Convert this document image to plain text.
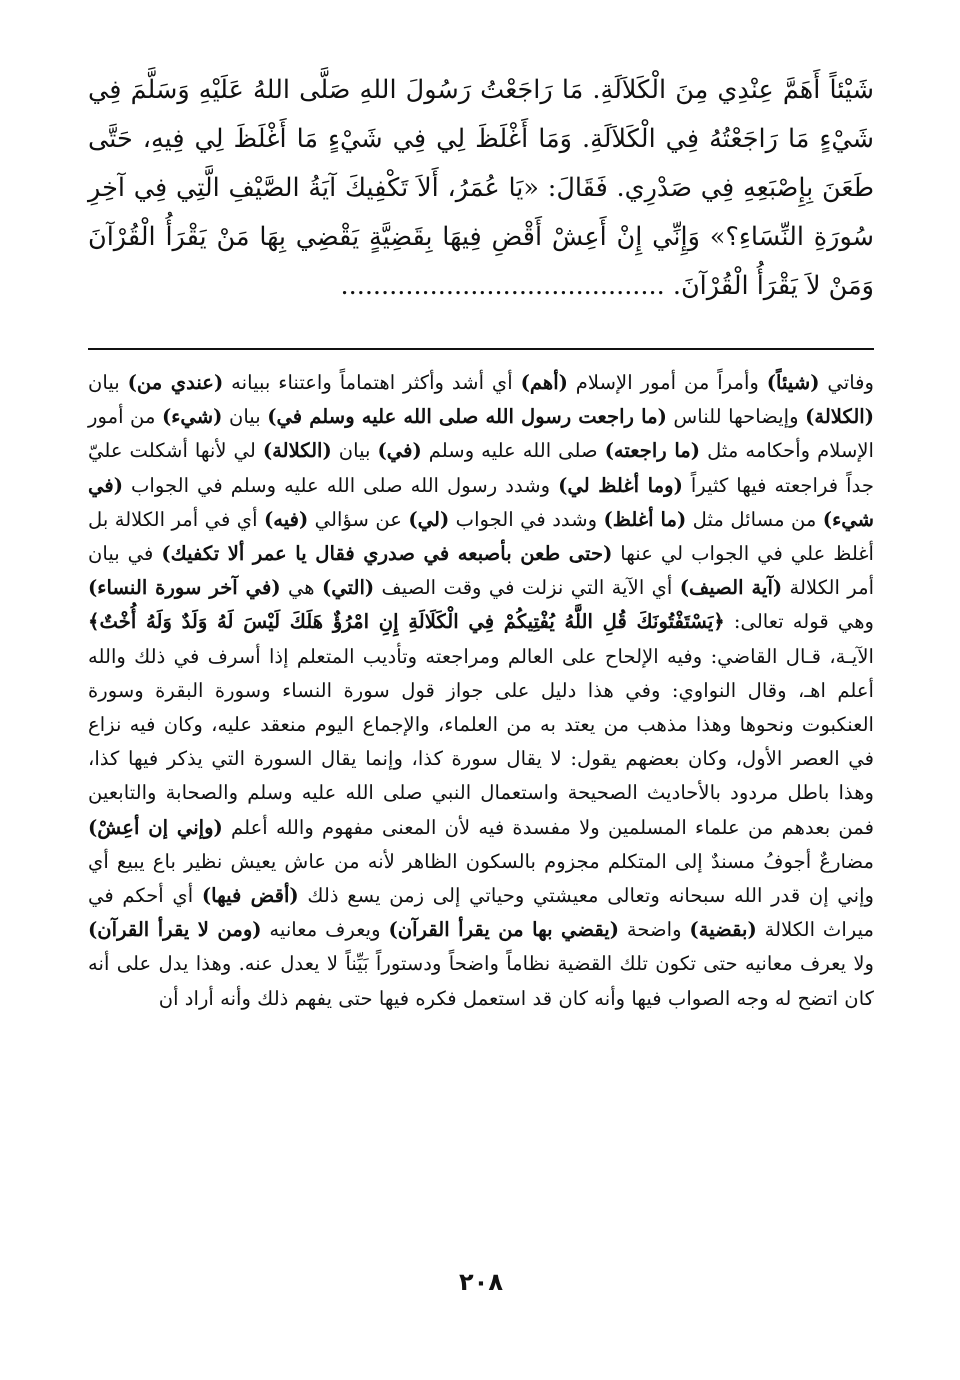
شَيْئاً أَهَمَّ عِنْدِي مِنَ الْكَلاَلَةِ. مَا رَاجَعْتُ رَسُولَ اللهِ صَلَّى اللهُ عَلَيْهِ وَسَلَّمَ فِي شَيْءٍ مَا رَاجَعْتُهُ فِي الْكَلاَلَةِ. وَمَا أَغْلَظَ لِي فِي شَيْءٍ مَا أَغْلَظَ لِي فِيهِ، حَتَّى طَعَنَ بِإِصْبَعِهِ فِي صَدْرِي. فَقَالَ: «يَا عُمَرُ، أَلاَ تَكْفِيكَ آيَةُ الصَّيْفِ الَّتِي فِي آخِرِ سُورَةِ النِّسَاءِ؟» وَإِنِّي إِنْ أَعِشْ أَقْضِ فِيهَا بِقَضِيَّةٍ يَقْضِي بِهَا مَنْ يَقْرَأُ الْقُرْآنَ وَمَنْ لاَ يَقْرَأُ الْقُرْآنَ. ........................................

وفاتي (شيئاً) وأمراً من أمور الإسلام (أهم) أي أشد وأكثر اهتماماً واعتناء ببيانه (عندي من) بيان (الكلالة) وإيضاحها للناس (ما راجعت رسول الله صلى الله عليه وسلم في) بيان (شيء) من أمور الإسلام وأحكامه مثل (ما راجعته) صلى الله عليه وسلم (في) بيان (الكلالة) لي لأنها أشكلت عليّ جداً فراجعته فيها كثيراً (وما أغلظ لي) وشدد رسول الله صلى الله عليه وسلم في الجواب (في شيء) من مسائل مثل (ما أغلظ) وشدد في الجواب (لي) عن سؤالي (فيه) أي في أمر الكلالة بل أغلظ علي في الجواب لي عنها (حتى طعن بأصبعه في صدري فقال يا عمر ألا تكفيك) في بيان أمر الكلالة (آية الصيف) أي الآية التي نزلت في وقت الصيف (التي) هي (في آخر سورة النساء) وهي قوله تعالى: ﴿يَسْتَفْتُونَكَ قُلِ اللَّهُ يُفْتِيكُمْ فِي الْكَلَالَةِ إِنِ امْرُؤٌ هَلَكَ لَيْسَ لَهُ وَلَدٌ وَلَهُ أُخْتٌ﴾ الآيـة، قـال القاضي: وفيه الإلحاح على العالم ومراجعته وتأديب المتعلم إذا أسرف في ذلك والله أعلم اهـ، وقال النواوي: وفي هذا دليل على جواز قول سورة النساء وسورة البقرة وسورة العنكبوت ونحوها وهذا مذهب من يعتد به من العلماء، والإجماع اليوم منعقد عليه، وكان فيه نزاع في العصر الأول، وكان بعضهم يقول: لا يقال سورة كذا، وإنما يقال السورة التي يذكر فيها كذا، وهذا باطل مردود بالأحاديث الصحيحة واستعمال النبي صلى الله عليه وسلم والصحابة والتابعين فمن بعدهم من علماء المسلمين ولا مفسدة فيه لأن المعنى مفهوم والله أعلم (وإني إن أعِشْ) مضارعٌ أجوفُ مسندٌ إلى المتكلم مجزوم بالسكون الظاهر لأنه من عاش يعيش نظير باع يبيع أي وإني إن قدر الله سبحانه وتعالى معيشتي وحياتي إلى زمن يسع ذلك (أقض فيها) أي أحكم في ميراث الكلالة (بقضية) واضحة (يقضي بها من يقرأ القرآن) ويعرف معانيه (ومن لا يقرأ القرآن) ولا يعرف معانيه حتى تكون تلك القضية نظاماً واضحاً ودستوراً بَيِّناً لا يعدل عنه. وهذا يدل على أنه كان اتضح له وجه الصواب فيها وأنه كان قد استعمل فكره فيها حتى يفهم ذلك وأنه أراد أن

٢٠٨
